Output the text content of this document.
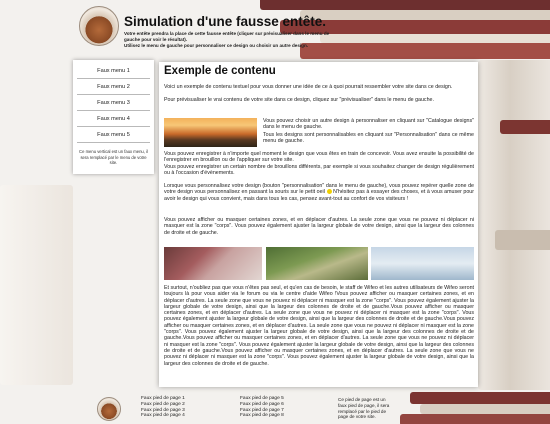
Simulation d'une fausse entête.
Votre entête prendra la place de cette fausse entête (cliquer sur prévisualiser dans le menu de gauche pour voir le résultat).
Utilisez le menu de gauche pour personnaliser ce design ou choisir un autre design.
Faux menu 1
Faux menu 2
Faux menu 3
Faux menu 4
Faux menu 5
Ce menu vertical est un faux menu, il sera remplacé par le menu de votre site.
Exemple de contenu
Voici un exemple de contenu textuel pour vous donner une idée de ce à quoi pourrait ressembler votre site dans ce design.
Pour prévisualiser le vrai contenu de votre site dans ce design, cliquez sur "prévisualiser" dans le menu de gauche.
Vous pouvez choisir un autre design à personnaliser en cliquant sur "Catalogue designs" dans le menu de gauche.
Tous les designs sont personnalisables en cliquant sur "Personnalisation" dans ce même menu de gauche.
Vous pouvez enregistrer à n'importe quel moment le design que vous êtes en train de concevoir. Vous avez ensuite la possibilité de l'enregistrer en brouillon ou de l'appliquer sur votre site.
Vous pouvez enregistrer un certain nombre de brouillons différents, par exemple si vous souhaitez changer de design régulièrement ou à l'occasion d'évènements.
Lorsque vous personnalisez votre design (bouton "personnalisation" dans le menu de gauche), vous pouvez repérer quelle zone de votre design vous personnalisez en passant la souris sur le petit oeil N'hésitez pas à essayer des choses, et à vous amuser pour avoir le design qui vous convient, mais dans tous les cas, pensez avant-tout au confort de vos visiteurs !
Vous pouvez afficher ou masquer certaines zones, et en déplacer d'autres. La seule zone que vous ne pouvez ni déplacer ni masquer est la zone "corps". Vous pouvez également ajuster la largeur globale de votre design, ainsi que la largeur des colonnes de droite et de gauche.
Et surtout, n'oubliez pas que vous n'êtes pas seul, et qu'en cas de besoin, le staff de Wifeo et les autres utilisateurs de Wifeo seront toujours là pour vous aider via le forum ou via le centre d'aide Wifeo !Vous pouvez afficher ou masquer certaines zones, et en déplacer d'autres. La seule zone que vous ne pouvez ni déplacer ni masquer est la zone "corps". Vous pouvez également ajuster la largeur globale de votre design, ainsi que la largeur des colonnes de droite et de gauche.Vous pouvez afficher ou masquer certaines zones, et en déplacer d'autres. La seule zone que vous ne pouvez ni déplacer ni masquer est la zone "corps". Vous pouvez également ajuster la largeur globale de votre design, ainsi que la largeur des colonnes de droite et de gauche.Vous pouvez afficher ou masquer certaines zones, et en déplacer d'autres. La seule zone que vous ne pouvez ni déplacer ni masquer est la zone "corps". Vous pouvez également ajuster la largeur globale de votre design, ainsi que la largeur des colonnes de droite et de gauche.Vous pouvez afficher ou masquer certaines zones, et en déplacer d'autres. La seule zone que vous ne pouvez ni déplacer ni masquer est la zone "corps". Vous pouvez également ajuster la largeur globale de votre design, ainsi que la largeur des colonnes de droite et de gauche.Vous pouvez afficher ou masquer certaines zones, et en déplacer d'autres. La seule zone que vous ne pouvez ni déplacer ni masquer est la zone "corps". Vous pouvez également ajuster la largeur globale de votre design, ainsi que la largeur des colonnes de droite et de gauche.
Faux pied de page 1
Faux pied de page 2
Faux pied de page 3
Faux pied de page 4
Faux pied de page 5
Faux pied de page 6
Faux pied de page 7
Faux pied de page 8
Ce pied de page est un faux pied de page, il sera remplacé par le pied de page de votre site.
